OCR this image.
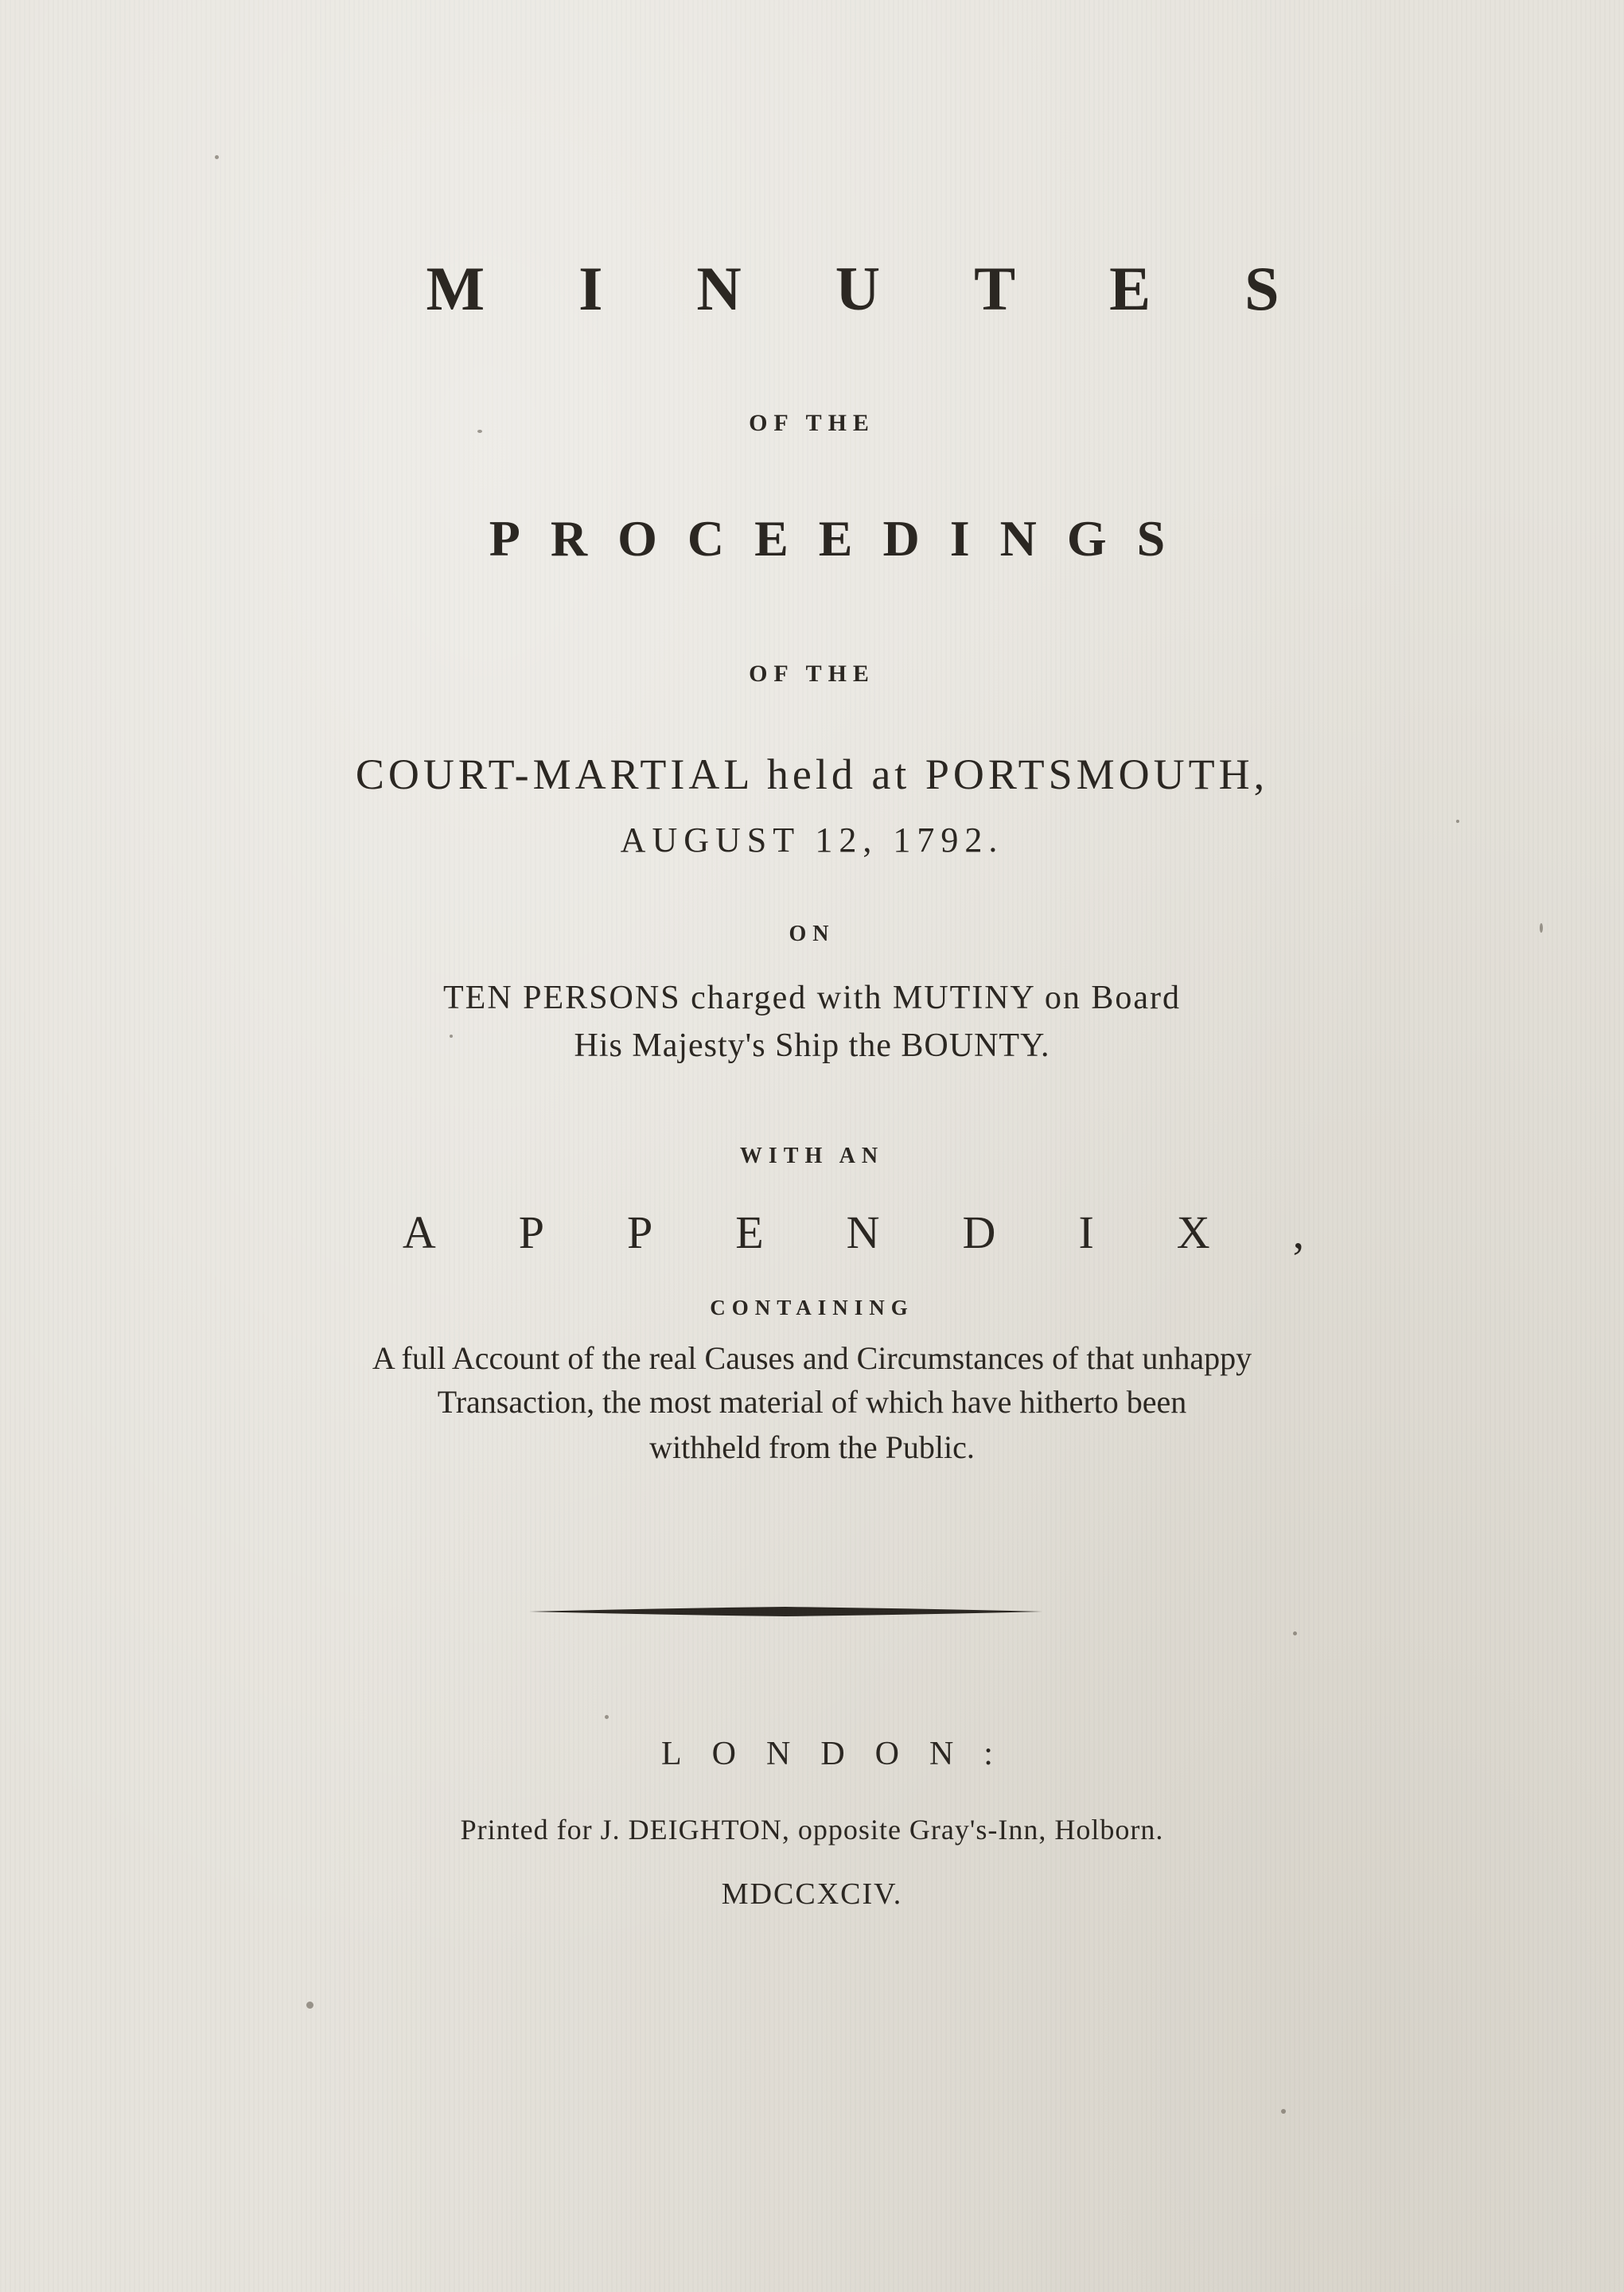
MINUTES
OF THE
PROCEEDINGS
OF THE
COURT-MARTIAL held at PORTSMOUTH,
AUGUST 12, 1792.
ON
TEN PERSONS charged with MUTINY on Board
His Majesty's Ship the BOUNTY.
WITH AN
APPENDIX,
CONTAINING
A full Account of the real Causes and Circumstances of that unhappy
Transaction, the most material of which have hitherto been
withheld from the Public.
LONDON:
Printed for J. DEIGHTON, opposite Gray's-Inn, Holborn.
MDCCXCIV.
